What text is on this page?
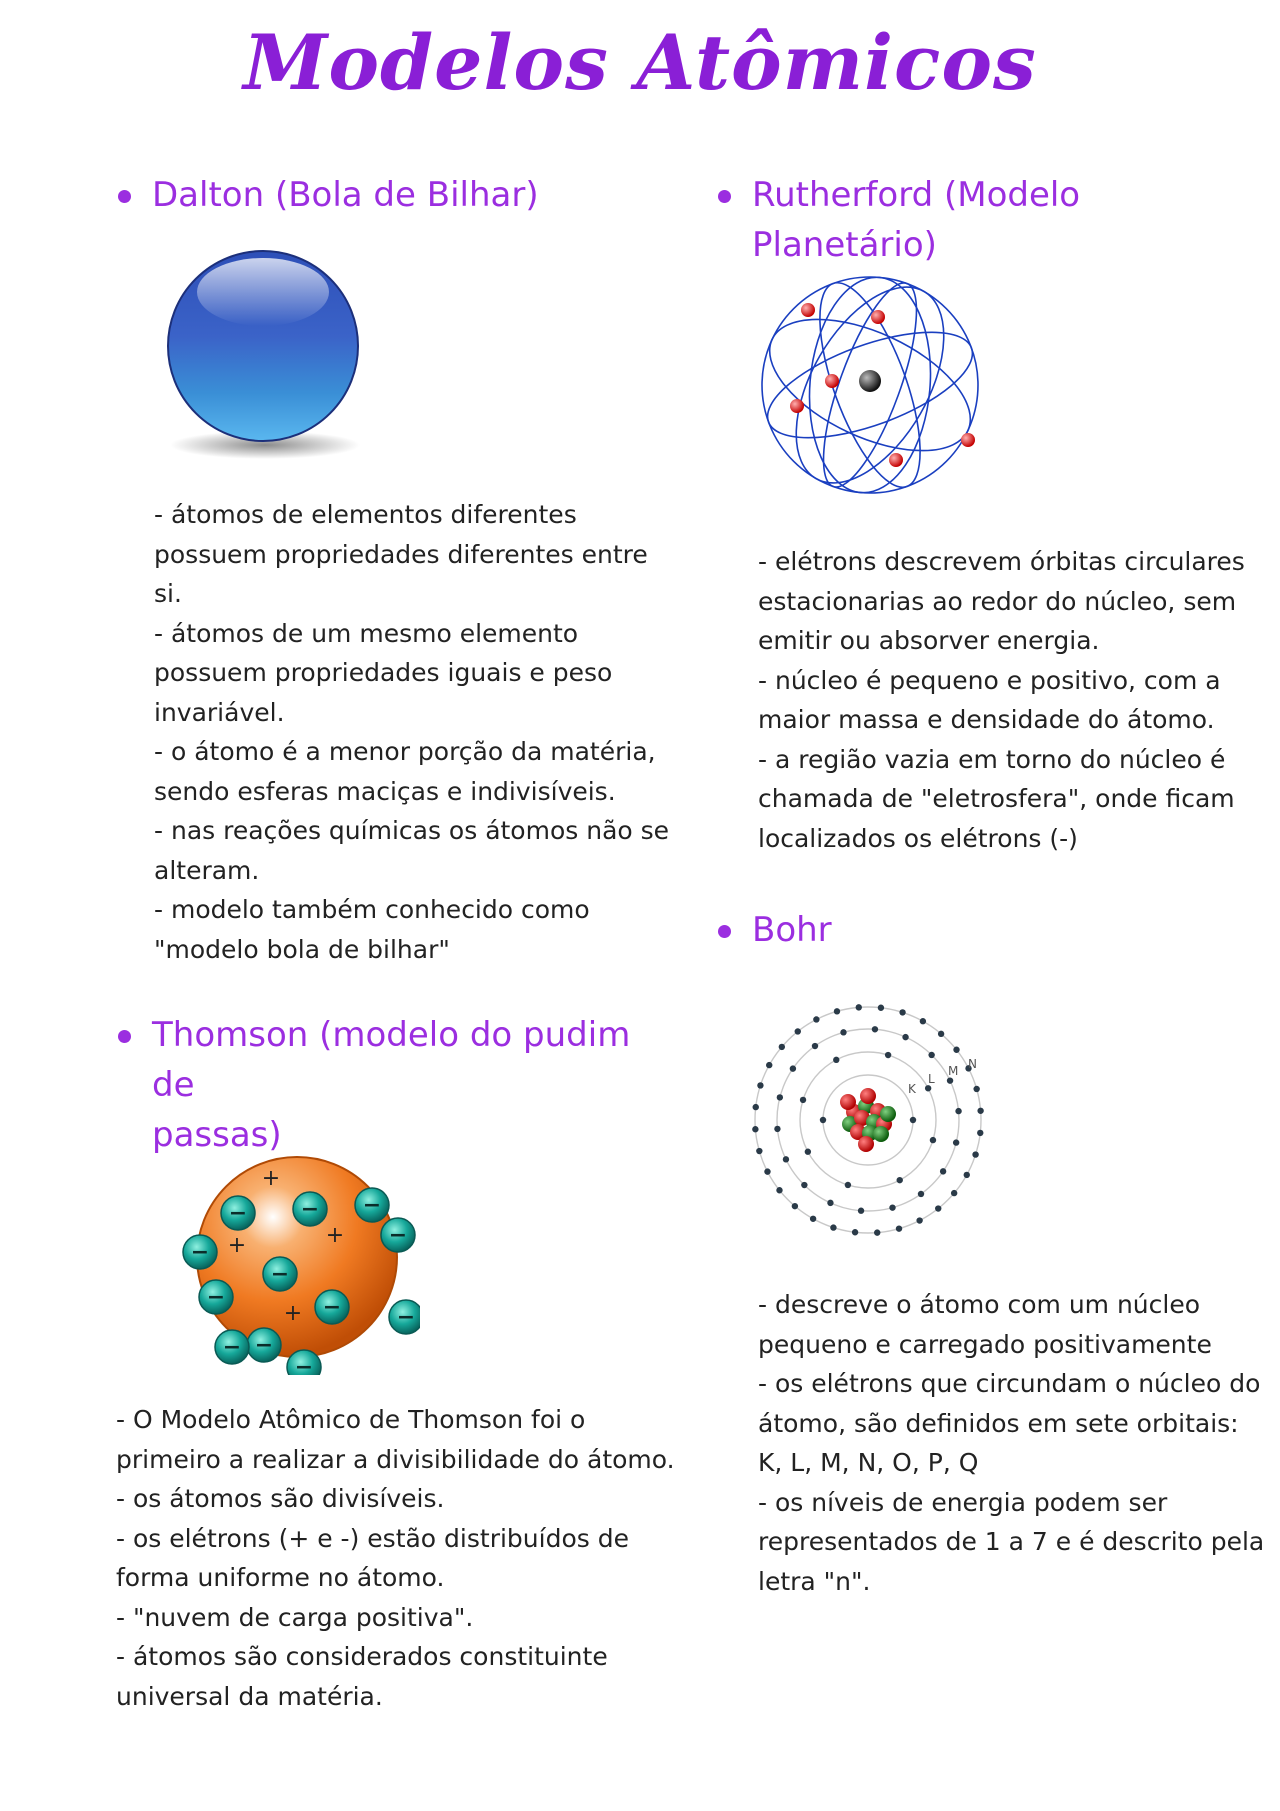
Modelos Atômicos
Dalton (Bola de Bilhar)
- átomos de elementos diferentes
possuem propriedades diferentes entre
si.
- átomos de um mesmo elemento
possuem propriedades iguais e peso
invariável.
- o átomo é a menor porção da matéria,
sendo esferas maciças e indivisíveis.
- nas reações químicas os átomos não se
alteram.
- modelo também conhecido como
"modelo bola de bilhar"
Thomson (modelo do pudim de
passas)
− −
−
−	−
−
−
−
−
−
−
−
+
+
+
+
- O Modelo Atômico de Thomson foi o
primeiro a realizar a divisibilidade do átomo.
- os átomos são divisíveis.
- os elétrons (+ e -) estão distribuídos de
forma uniforme no átomo.
- "nuvem de carga positiva".
- átomos são considerados constituinte
universal da matéria.
Rutherford (Modelo Planetário)
- elétrons descrevem órbitas circulares
estacionarias ao redor do núcleo, sem
emitir ou absorver energia.
- núcleo é pequeno e positivo, com a
maior massa e densidade do átomo.
- a região vazia em torno do núcleo é
chamada de "eletrosfera", onde ficam
localizados os elétrons (-)
Bohr
K
L
M N
- descreve o átomo com um núcleo
pequeno e carregado positivamente
- os elétrons que circundam o núcleo do
átomo, são definidos em sete orbitais:
K, L, M, N, O, P, Q
- os níveis de energia podem ser
representados de 1 a 7 e é descrito pela
letra "n".
